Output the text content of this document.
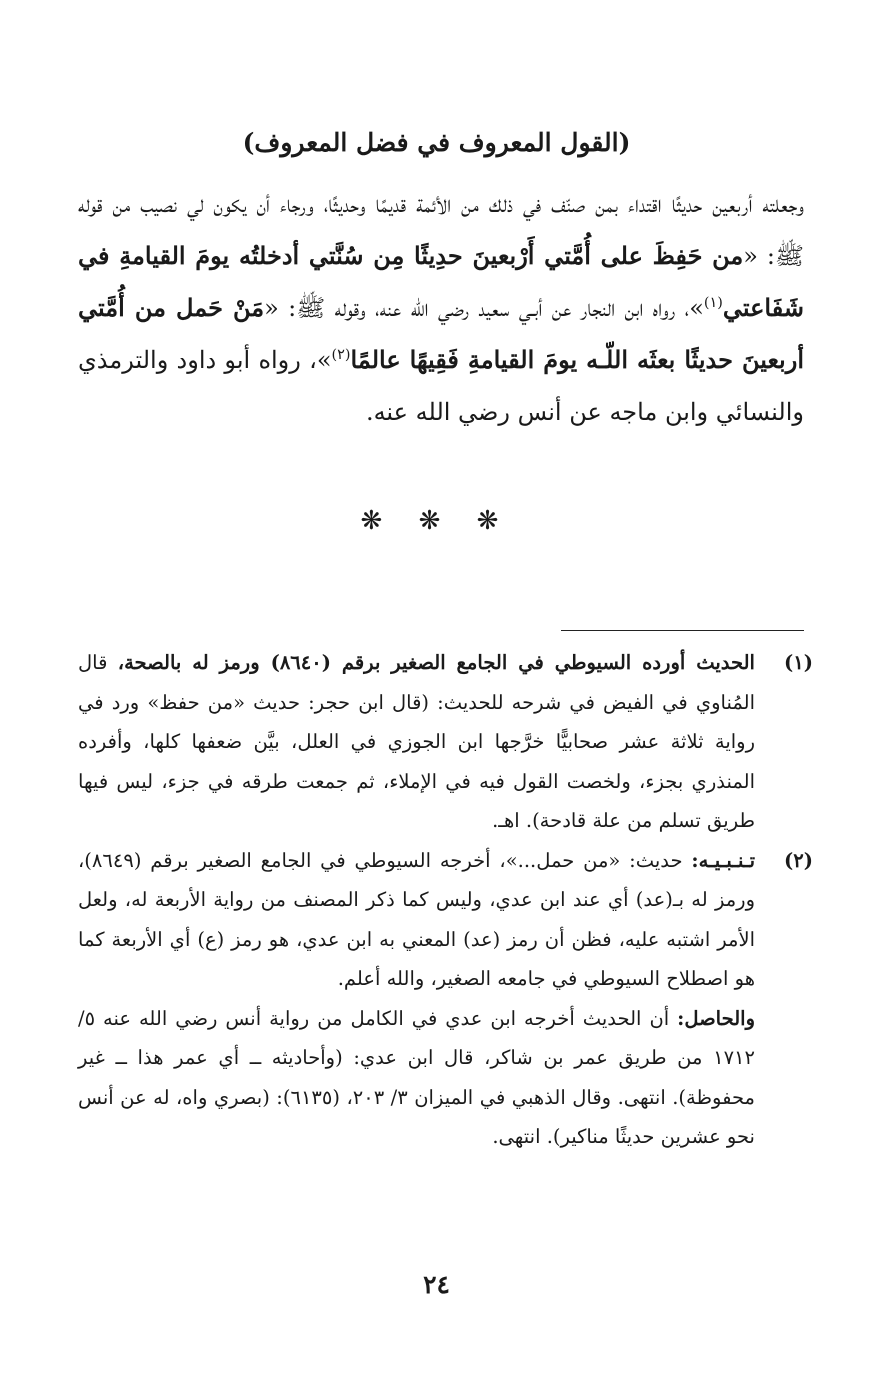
(القول المعروف في فضل المعروف)

وجعلته أربعين حديثًا اقتداء بمن صنّف في ذلك من الأئمة قديمًا وحديثًا، ورجاء أن يكون لي نصيب من قوله ﷺ: «من حَفِظَ على أُمَّتي أَرْبعينَ حدِيثًا مِن سُنَّتي أدخلتُه يومَ القيامةِ في شَفَاعتي$^{(١)}$»، رواه ابن النجار عن أبـي سعيد رضي الله عنه، وقوله ﷺ: «مَنْ حَمل من أُمَّتي أربعينَ حديثًا بعثَه اللّـه يومَ القيامةِ فَقِيهًا عالمًا$^{(٢)}$»، رواه أبو داود والترمذي والنسائي وابن ماجه عن أنس رضي الله عنه.

❋ ❋ ❋
(١)

الحديث أورده السيوطي في الجامع الصغير برقم (٨٦٤٠) ورمز له بالصحة، قال المُناوي في الفيض في شرحه للحديث: (قال ابن حجر: حديث «من حفظ» ورد في رواية ثلاثة عشر صحابيًّا خرَّجها ابن الجوزي في العلل، بيَّن ضعفها كلها، وأفرده المنذري بجزء، ولخصت القول فيه في الإملاء، ثم جمعت طرقه في جزء، ليس فيها طريق تسلم من علة قادحة). اهـ.

(٢)

تـنـبـيـه: حديث: «من حمل...»، أخرجه السيوطي في الجامع الصغير برقم (٨٦٤٩)، ورمز له بـ(عد) أي عند ابن عدي، وليس كما ذكر المصنف من رواية الأربعة له، ولعل الأمر اشتبه عليه، فظن أن رمز (عد) المعني به ابن عدي، هو رمز (ع) أي الأربعة كما هو اصطلاح السيوطي في جامعه الصغير، والله أعلم.

والحاصل: أن الحديث أخرجه ابن عدي في الكامل من رواية أنس رضي الله عنه ٥/ ١٧١٢ من طريق عمر بن شاكر، قال ابن عدي: (وأحاديثه ــ أي عمر هذا ــ غير محفوظة). انتهى. وقال الذهبي في الميزان ٣/ ٢٠٣، (٦١٣٥): (بصري واه، له عن أنس نحو عشرين حديثًا مناكير). انتهى.

٢٤
